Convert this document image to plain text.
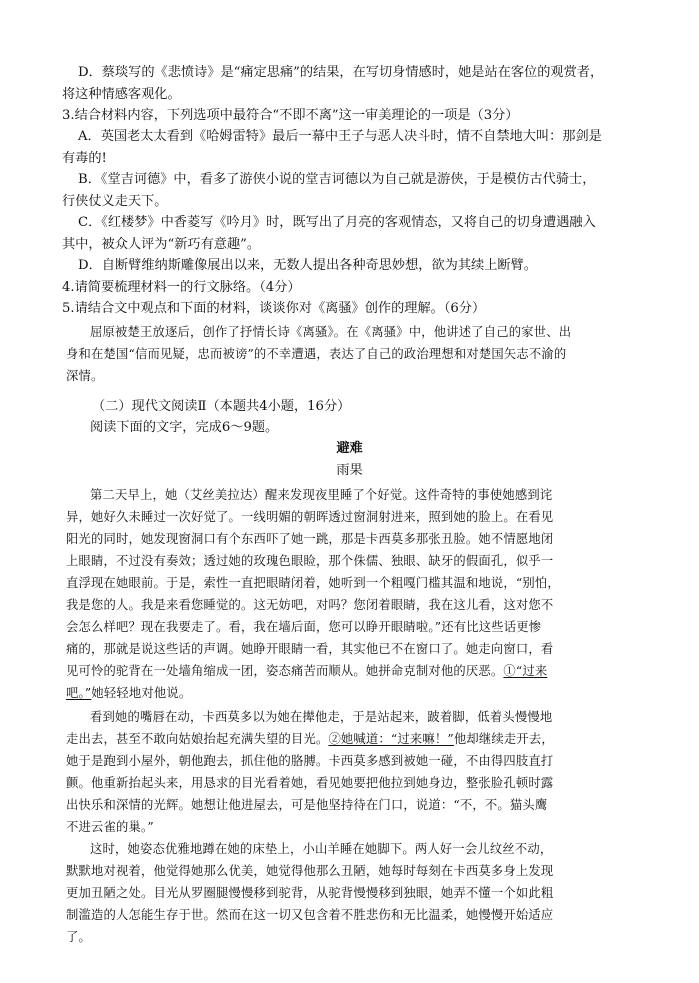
D．蔡琰写的《悲愤诗》是“痛定思痛”的结果，在写切身情感时，她是站在客位的观赏者，
将这种情感客观化。
3.结合材料内容，下列选项中最符合“不即不离”这一审美理论的一项是（3分）
A．英国老太太看到《哈姆雷特》最后一幕中王子与恶人决斗时，情不自禁地大叫：那剑是
有毒的!
B．《堂吉诃德》中，看多了游侠小说的堂吉诃德以为自己就是游侠，于是模仿古代骑士，
行侠仗义走天下。
C．《红楼梦》中香菱写《吟月》时，既写出了月亮的客观情态，又将自己的切身遭遇融入
其中，被众人评为“新巧有意趣”。
D．自断臂维纳斯雕像展出以来，无数人提出各种奇思妙想，欲为其续上断臂。
4.请简要梳理材料一的行文脉络。（4分）
5.请结合文中观点和下面的材料，谈谈你对《离骚》创作的理解。（6分）
屈原被楚王放逐后，创作了抒情长诗《离骚》。在《离骚》中，他讲述了自己的家世、出
身和在楚国“信而见疑，忠而被谤”的不幸遭遇，表达了自己的政治理想和对楚国矢志不渝的
深情。
（二）现代文阅读Ⅱ（本题共4小题，16分）
阅读下面的文字，完成6～9题。
避难
雨果
第二天早上，她（艾丝美拉达）醒来发现夜里睡了个好觉。这件奇特的事使她感到诧
异，她好久未睡过一次好觉了。一线明媚的朝晖透过窗洞射进来，照到她的脸上。在看见
阳光的同时，她发现窗洞口有个东西吓了她一跳，那是卡西莫多那张丑脸。她不情愿地闭
上眼睛，不过没有奏效；透过她的玫瑰色眼睑，那个侏儒、独眼、缺牙的假面孔，似乎一
直浮现在她眼前。于是，索性一直把眼睛闭着，她听到一个粗嘎门槛其温和地说，“别怕，
我是您的人。我是来看您睡觉的。这无妨吧，对吗？您闭着眼睛，我在这儿看，这对您不
会怎么样吧？现在我要走了。看，我在墙后面，您可以睁开眼睛啦。”还有比这些话更惨
痛的，那就是说这些话的声调。她睁开眼睛一看，其实他已不在窗口了。她走向窗口，看
见可怜的驼背在一处墙角缩成一团，姿态痛苦而顺从。她拼命克制对他的厌恶。①“过来
吧。”她轻轻地对他说。
看到她的嘴唇在动，卡西莫多以为她在撵他走，于是站起来，跛着脚，低着头慢慢地
走出去，甚至不敢向姑娘抬起充满失望的目光。②她喊道：“过来嘛！”他却继续走开去，
她于是跑到小屋外，朝他跑去，抓住他的胳膊。卡西莫多感到被她一碰，不由得四肢直打
颤。他重新抬起头来，用恳求的目光看着她，看见她要把他拉到她身边，整张脸孔顿时露
出快乐和深情的光辉。她想让他进屋去，可是他坚持待在门口，说道：“不，不。猫头鹰
不进云雀的巢。”
这时，她姿态优雅地蹲在她的床垫上，小山羊睡在她脚下。两人好一会儿纹丝不动，
默默地对视着，他觉得她那么优美，她觉得他那么丑陋，她每时每刻在卡西莫多身上发现
更加丑陋之处。目光从罗圈腿慢慢移到驼背，从驼背慢慢移到独眼，她弄不懂一个如此粗
制滥造的人怎能生存于世。然而在这一切又包含着不胜悲伤和无比温柔，她慢慢开始适应
了。
